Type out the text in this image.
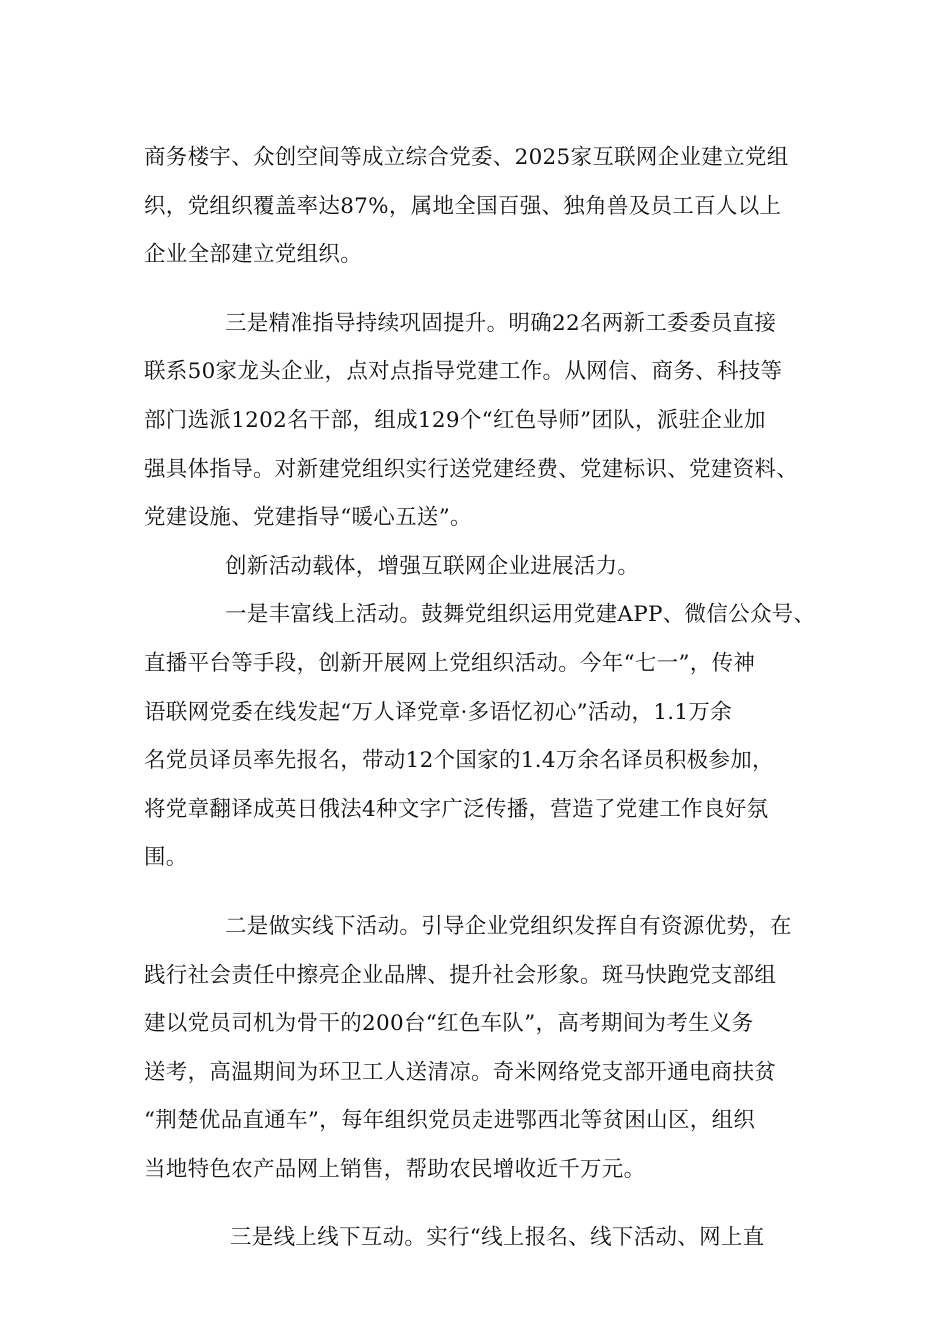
商务楼宇、众创空间等成立综合党委、2025家互联网企业建立党组
织，党组织覆盖率达87%，属地全国百强、独角兽及员工百人以上
企业全部建立党组织。
三是精准指导持续巩固提升。明确22名两新工委委员直接
联系50家龙头企业，点对点指导党建工作。从网信、商务、科技等
部门选派1202名干部，组成129个“红色导师”团队，派驻企业加
强具体指导。对新建党组织实行送党建经费、党建标识、党建资料、
党建设施、党建指导“暖心五送”。
创新活动载体，增强互联网企业进展活力。
一是丰富线上活动。鼓舞党组织运用党建APP、微信公众号、
直播平台等手段，创新开展网上党组织活动。今年“七一”，传神
语联网党委在线发起“万人译党章·多语忆初心”活动，1.1万余
名党员译员率先报名，带动12个国家的1.4万余名译员积极参加，
将党章翻译成英日俄法4种文字广泛传播，营造了党建工作良好氛
围。
二是做实线下活动。引导企业党组织发挥自有资源优势，在
践行社会责任中擦亮企业品牌、提升社会形象。斑马快跑党支部组
建以党员司机为骨干的200台“红色车队”，高考期间为考生义务
送考，高温期间为环卫工人送清凉。奇米网络党支部开通电商扶贫
“荆楚优品直通车”，每年组织党员走进鄂西北等贫困山区，组织
当地特色农产品网上销售，帮助农民增收近千万元。
三是线上线下互动。实行“线上报名、线下活动、网上直
